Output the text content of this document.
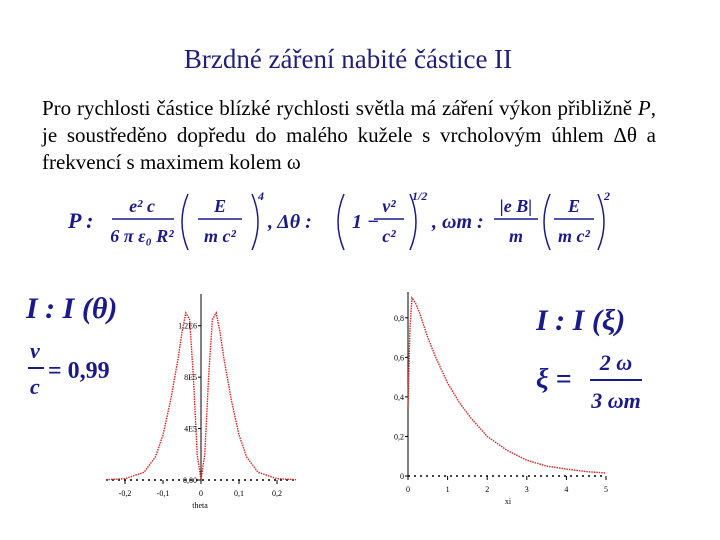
Brzdné záření nabité částice II
Pro rychlosti částice blízké rychlosti světla má záření výkon přibližně P, je soustředěno dopředu do malého kužele s vrcholovým úhlem Δθ a frekvencí s maximem kolem ω
P :
e² c
6 π ε₀ R²
E
m c²
4
, Δθ : 1 −
v²
c²
1/2
, ωm :
|e B|
m
E
m c²
2
I : I (θ)
v
c
= 0,99
I : I (ξ)
ξ =
2 ω
3 ωm
-0,2	-0,1	0	0,1	0,2
1,2E6
8E5
4E5
0,00
theta
0	1	2	3	4	5
0,8
0,6
0,4
0,2
0
xi
